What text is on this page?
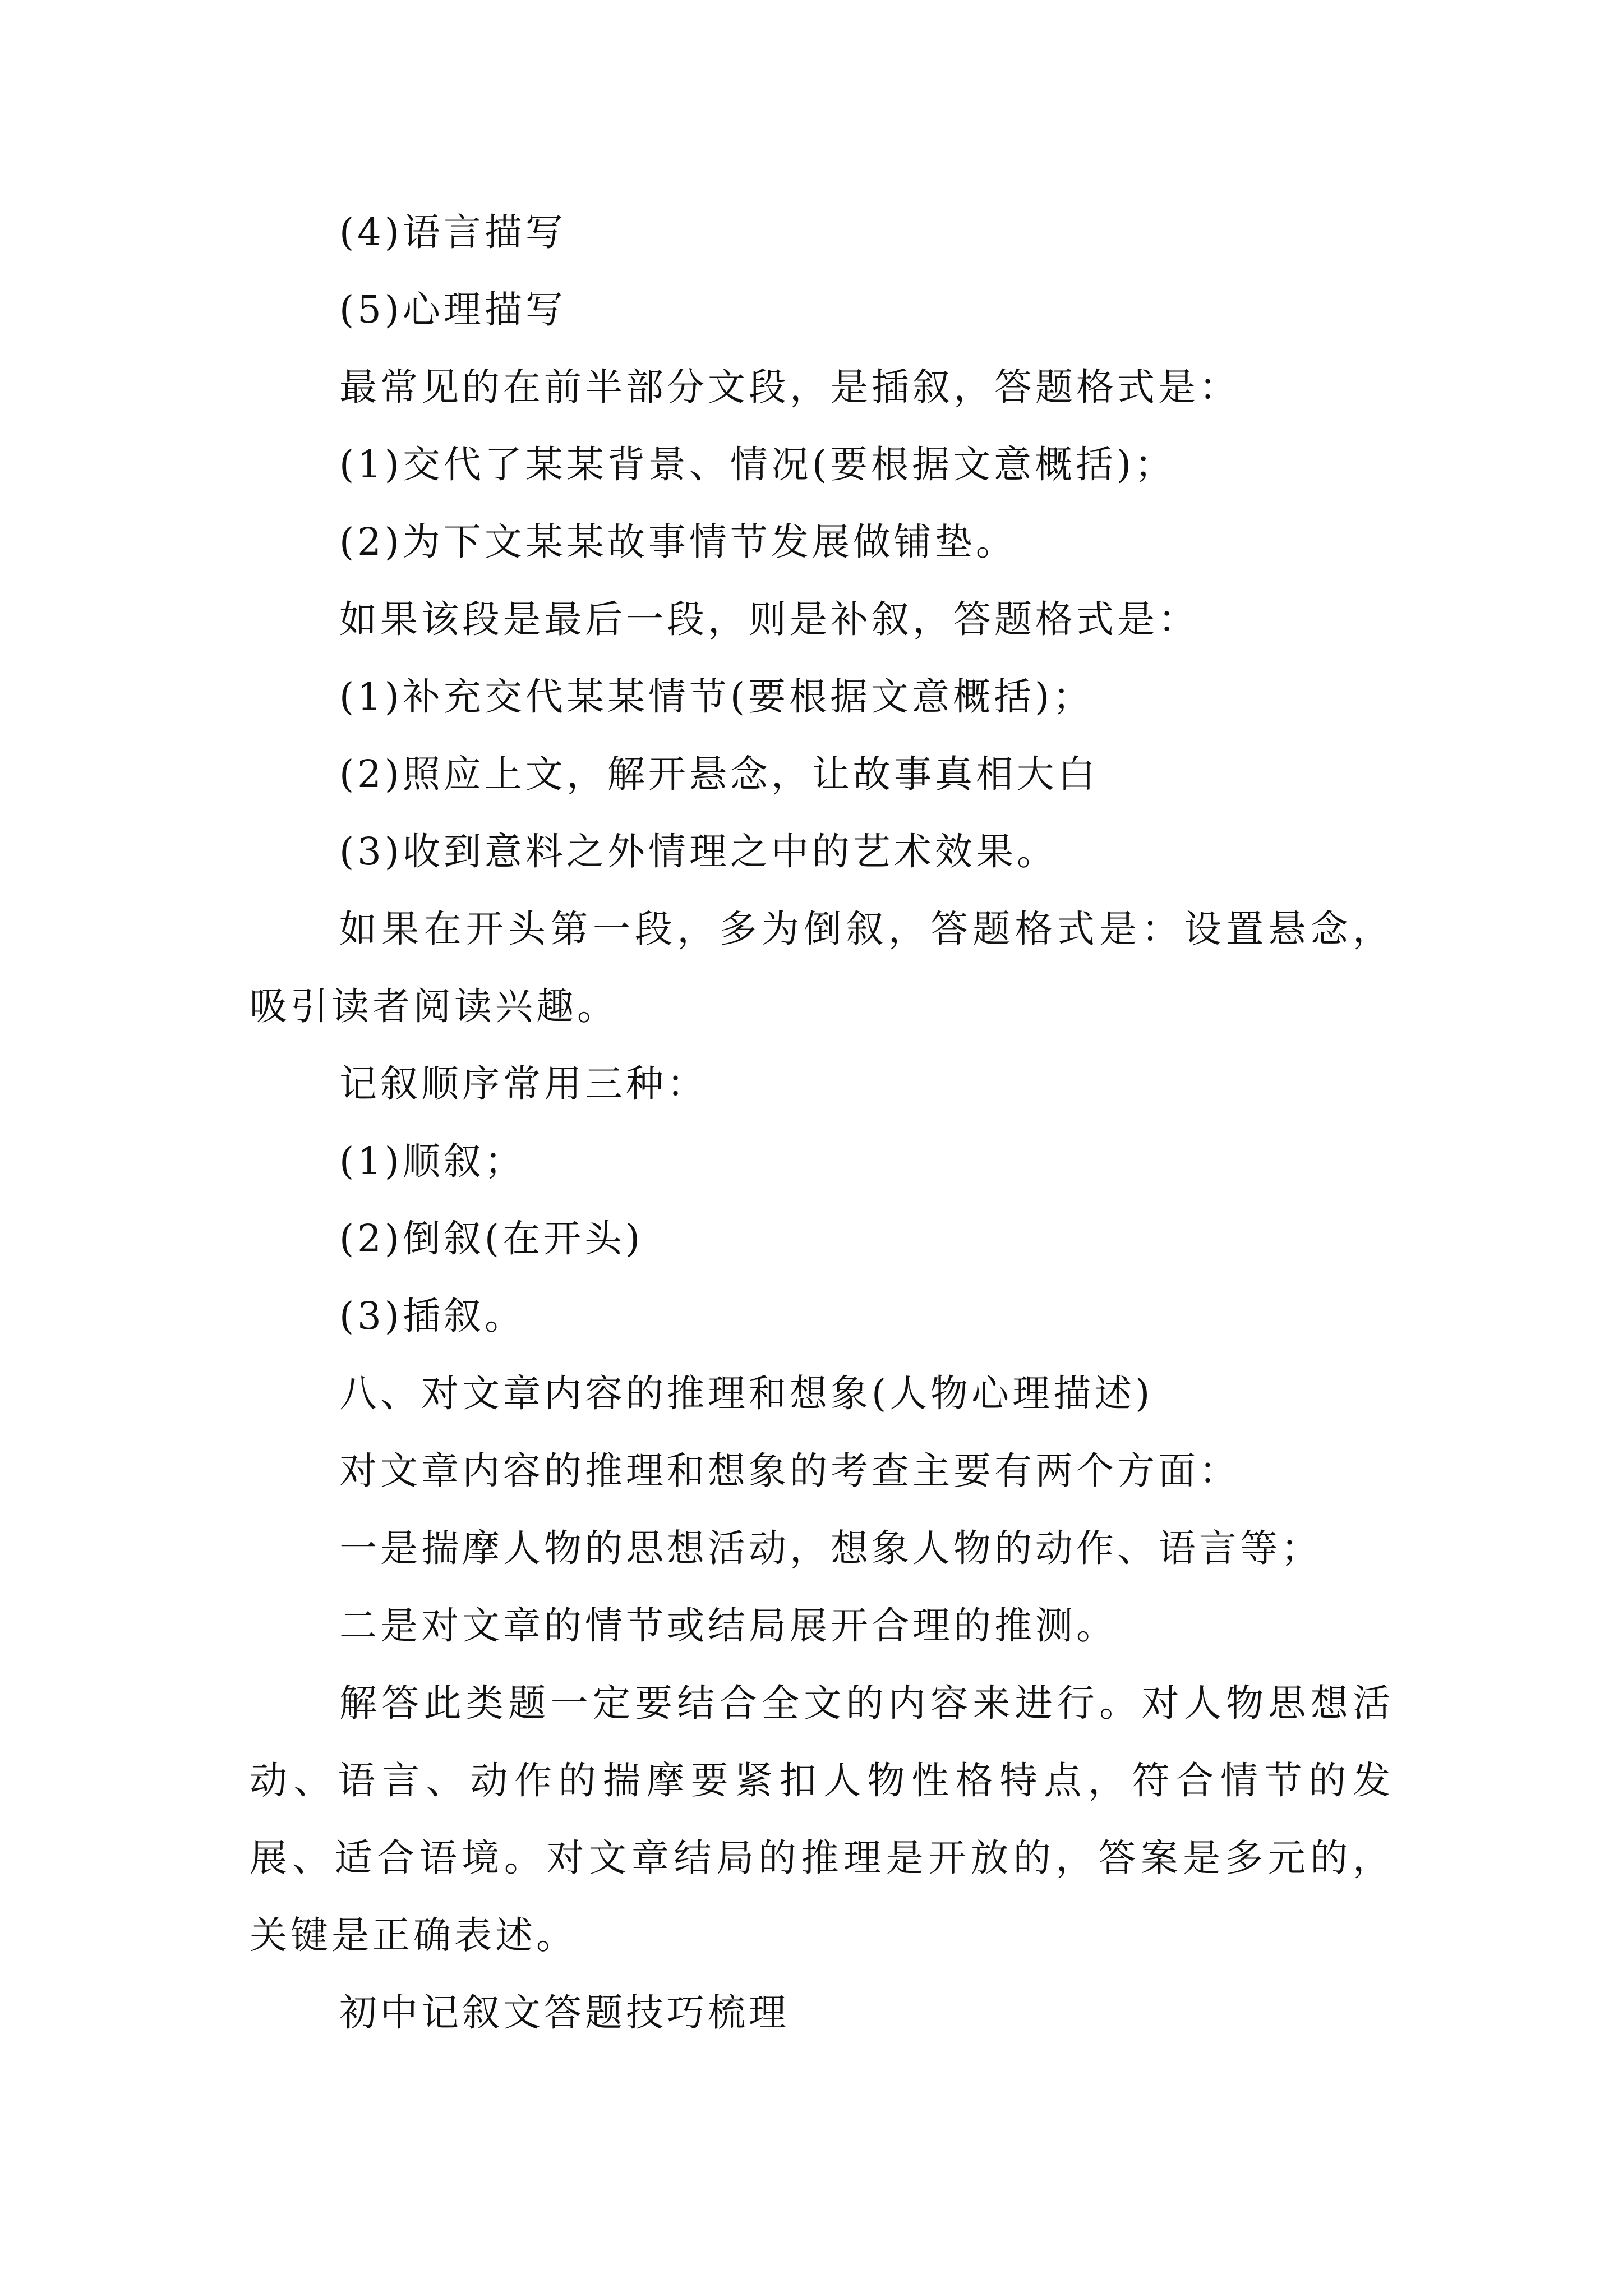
(4)语言描写
(5)心理描写
最常见的在前半部分文段，是插叙，答题格式是：
(1)交代了某某背景、情况(要根据文意概括)；
(2)为下文某某故事情节发展做铺垫。
如果该段是最后一段，则是补叙，答题格式是：
(1)补充交代某某情节(要根据文意概括)；
(2)照应上文，解开悬念，让故事真相大白
(3)收到意料之外情理之中的艺术效果。
如果在开头第一段，多为倒叙，答题格式是：设置悬念，吸引读者阅读兴趣。
记叙顺序常用三种：
(1)顺叙；
(2)倒叙(在开头)
(3)插叙。
八、对文章内容的推理和想象(人物心理描述)
对文章内容的推理和想象的考查主要有两个方面：
一是揣摩人物的思想活动，想象人物的动作、语言等；
二是对文章的情节或结局展开合理的推测。
解答此类题一定要结合全文的内容来进行。对人物思想活动、语言、动作的揣摩要紧扣人物性格特点，符合情节的发展、适合语境。对文章结局的推理是开放的，答案是多元的，关键是正确表述。
初中记叙文答题技巧梳理
